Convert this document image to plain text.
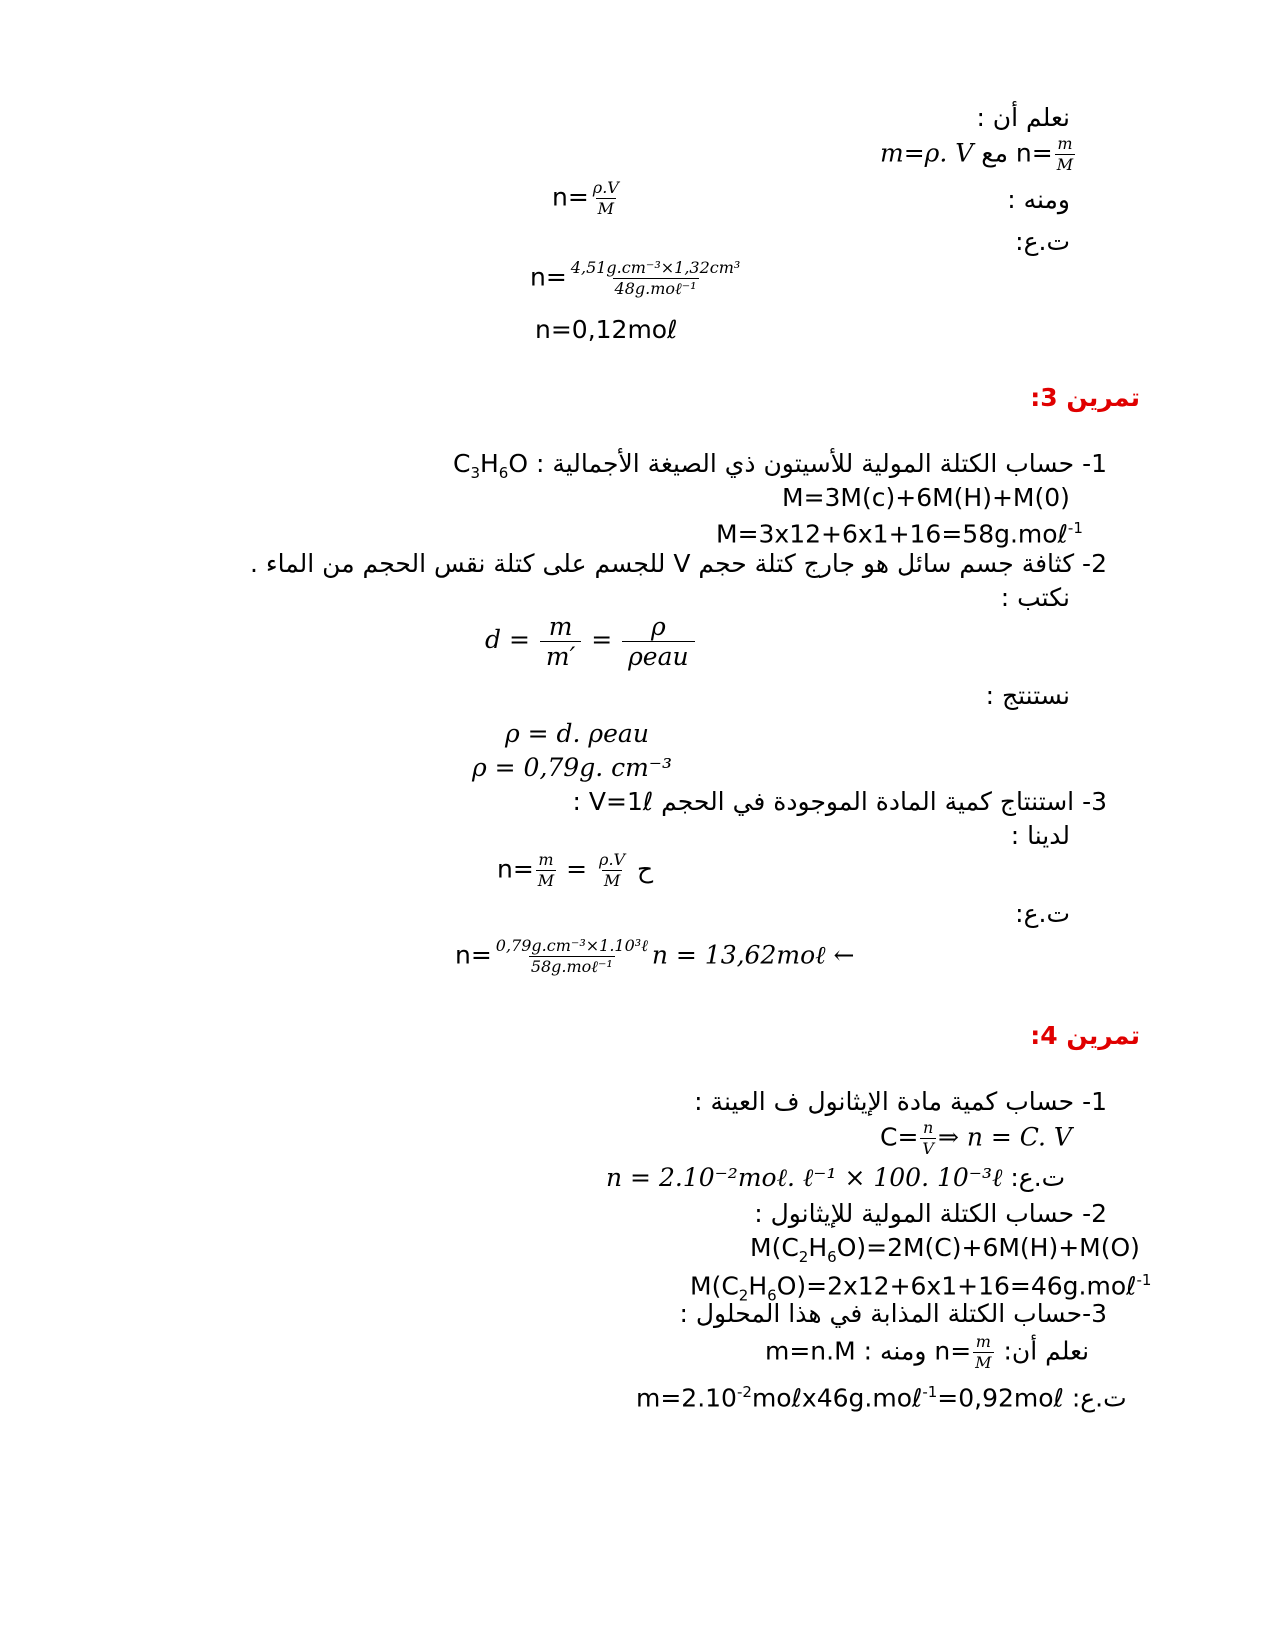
نعلم أن :
m=ρ. V مع $n= \frac{m}{M}$
$n= \frac{\rho.V}{M}$	ومنه :
ت.ع:
$n= \frac{\text{4,51g.cm⁻³×1,32cm³}}{\text{48g.moℓ⁻¹}}$
n=0,12moℓ
تمرين 3:
1- حساب الكتلة المولية للأسيتون ذي الصيغة الأجمالية : $C_3H_6O$
M=3M(c)+6M(H)+M(0)
M=3x12+6x1+16=58g.moℓ$^{-1}$
2- كثافة جسم سائل هو جارج كتلة حجم V للجسم على كتلة نقس الحجم من الماء .
نكتب :
$d = \frac{m}{m'} = \frac{\rho}{\text{ρeau}}$
نستنتج :
ρ = d. ρeau
ρ = 0,79g. cm⁻³
3- استنتاج كمية المادة الموجودة في الحجم V=1ℓ :
لدينا :
$n= \frac{m}{M} = \frac{\rho.V}{M}$ ح
ت.ع:
$n= \frac{\text{0,79g.cm⁻³×1.10³ℓ}}{\text{58g.moℓ⁻¹}}$ n = 13,62moℓ ←
تمرين 4:
1- حساب كمية مادة الإيثانول ف العينة :
$C= \frac{n}{V}$ ⇒ n = C. V
n = 2.10⁻²moℓ. ℓ⁻¹ × 100. 10⁻³ℓ ت.ع:
2- حساب الكتلة المولية للإيثانول :
$M(C_2H_6O)=2M(C)+6M(H)+M(O)$
$M(C_2H_6O)=2x12+6x1+16=46g.mo\ell^{-1}$
3-حساب الكتلة المذابة في هذا المحلول :
m=n.M ومنه : $n= \frac{m}{M}$ نعلم أن:
$m=2.10^{-2}mo\ell x46g.mo\ell^{-1}=0,92mo\ell$ ت.ع:
